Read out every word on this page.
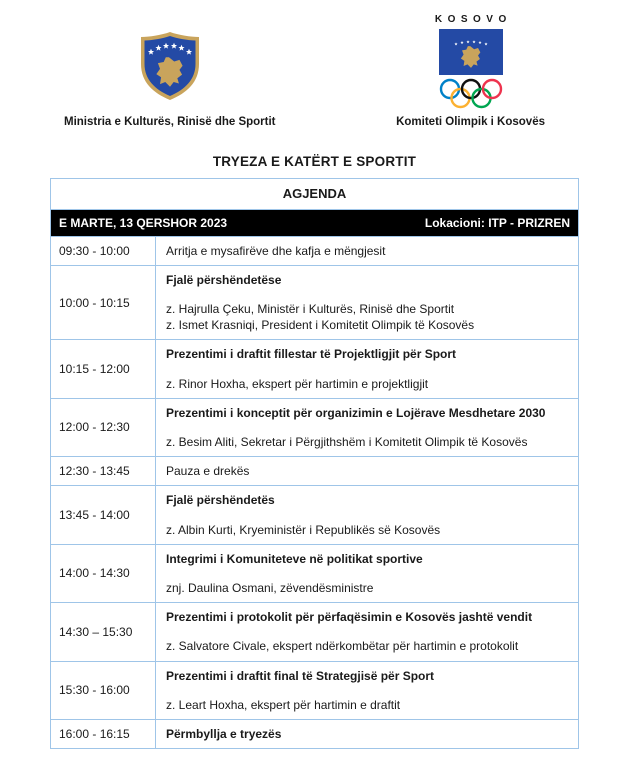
Ministria e Kulturës, Rinisë dhe Sportit
KOSOVO
Komiteti Olimpik i Kosovës
TRYEZA E KATËRT E SPORTIT
AGJENDA	

E MARTE, 13 QERSHOR 2023 Lokacioni: ITP - PRIZREN	

09:30 - 10:00	Arritja e mysafirëve dhe kafja e mëngjesit

10:00 - 10:15	Fjalë përshëndetëse
z. Hajrulla Çeku, Ministër i Kulturës, Rinisë dhe Sportit
z. Ismet Krasniqi, President i Komitetit Olimpik të Kosovës

10:15 - 12:00	Prezentimi i draftit fillestar të Projektligjit për Sport
z. Rinor Hoxha, ekspert për hartimin e projektligjit

12:00 - 12:30	Prezentimi i konceptit për organizimin e Lojërave Mesdhetare 2030
z. Besim Aliti, Sekretar i Përgjithshëm i Komitetit Olimpik të Kosovës

12:30 - 13:45	Pauza e drekës

13:45 - 14:00	Fjalë përshëndetës
z. Albin Kurti, Kryeministër i Republikës së Kosovës

14:00 - 14:30	Integrimi i Komuniteteve në politikat sportive
znj. Daulina Osmani, zëvendësministre

14:30 – 15:30	Prezentimi i protokolit për përfaqësimin e Kosovës jashtë vendit
z. Salvatore Civale, ekspert ndërkombëtar për hartimin e protokolit

15:30 - 16:00	Prezentimi i draftit final të Strategjisë për Sport
z. Leart Hoxha, ekspert për hartimin e draftit

16:00 - 16:15	Përmbyllja e tryezës
